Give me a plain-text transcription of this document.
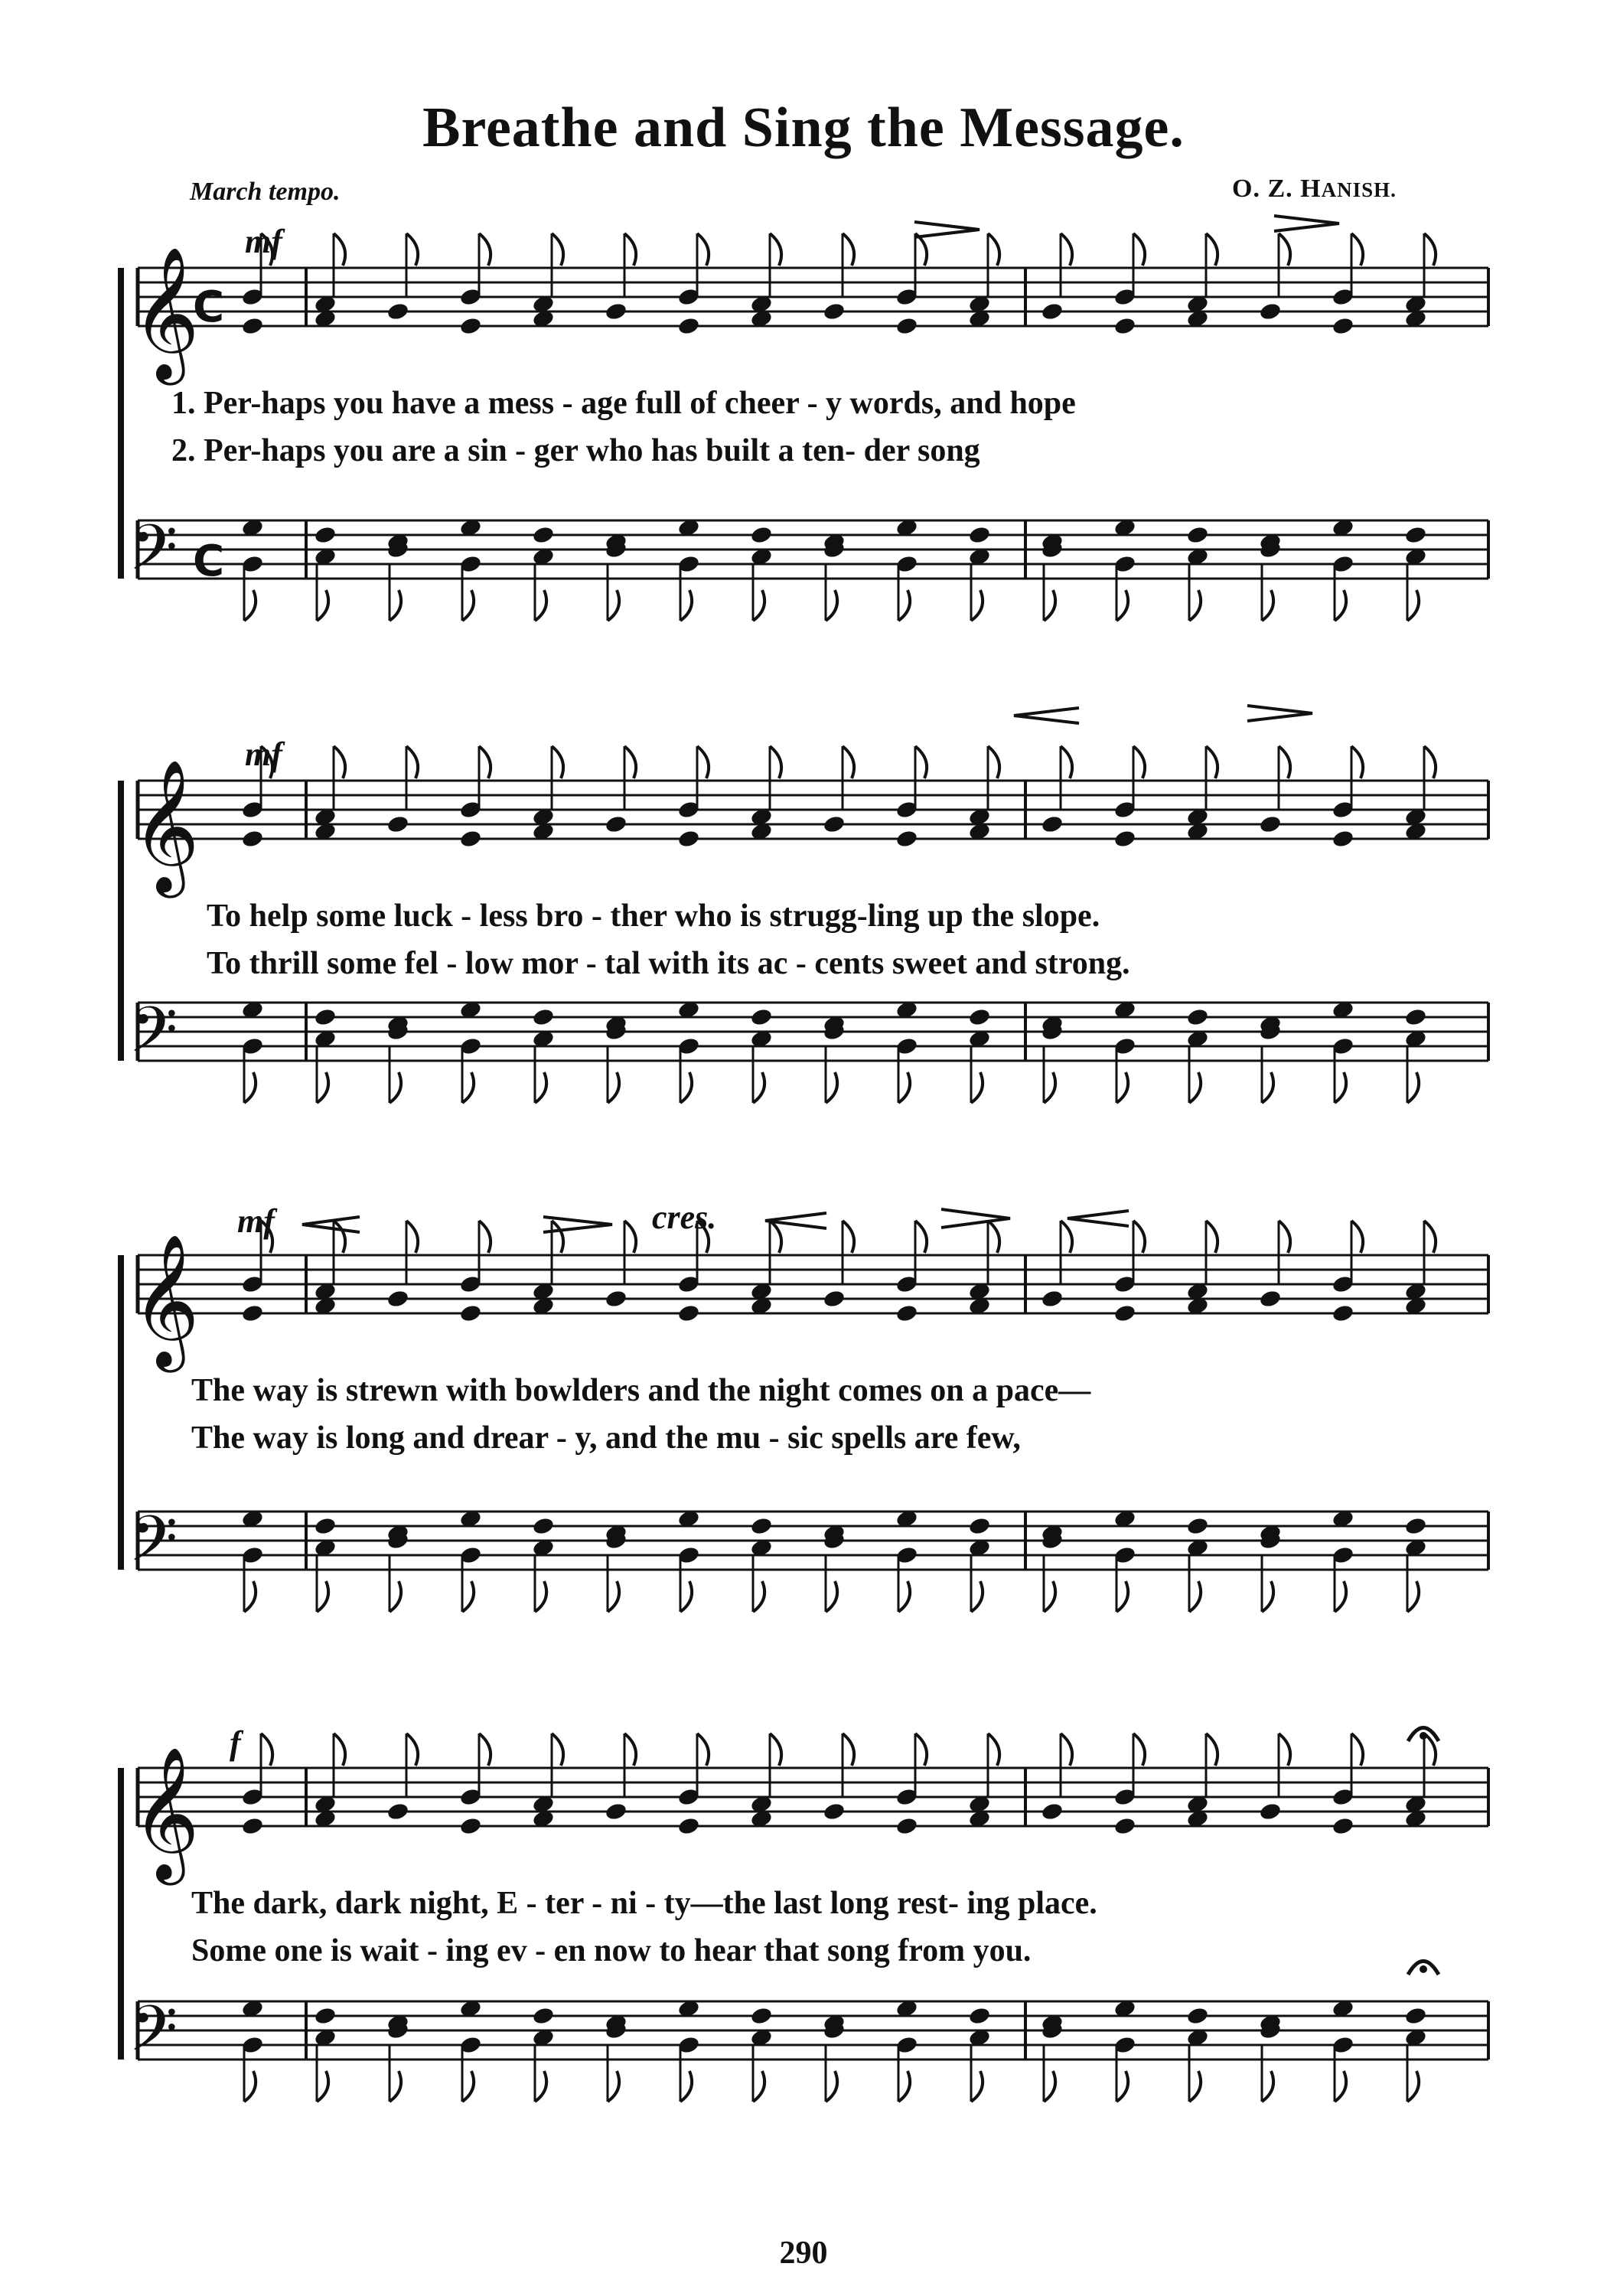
Breathe and Sing the Message.
March tempo.	O. Z. HANISH.
mf
𝄞
C
1. Per-haps you have a mess - age full of cheer - y words, and hope
2. Per-haps you are a sin - ger who has built a ten- der song
𝄢 C
mf
𝄞
To help some luck - less bro - ther who is strugg-ling up the slope.
To thrill some fel - low mor - tal with its ac - cents sweet and strong.
𝄢
mf	cres.
𝄞
The way is strewn with bowlders and the night comes on a pace—
The way is long and drear - y, and the mu - sic spells are few,
𝄢
f
𝄞
The dark, dark night, E - ter - ni - ty—the last long rest- ing place.
Some one is wait - ing ev - en now to hear that song from you.
𝄢
290
